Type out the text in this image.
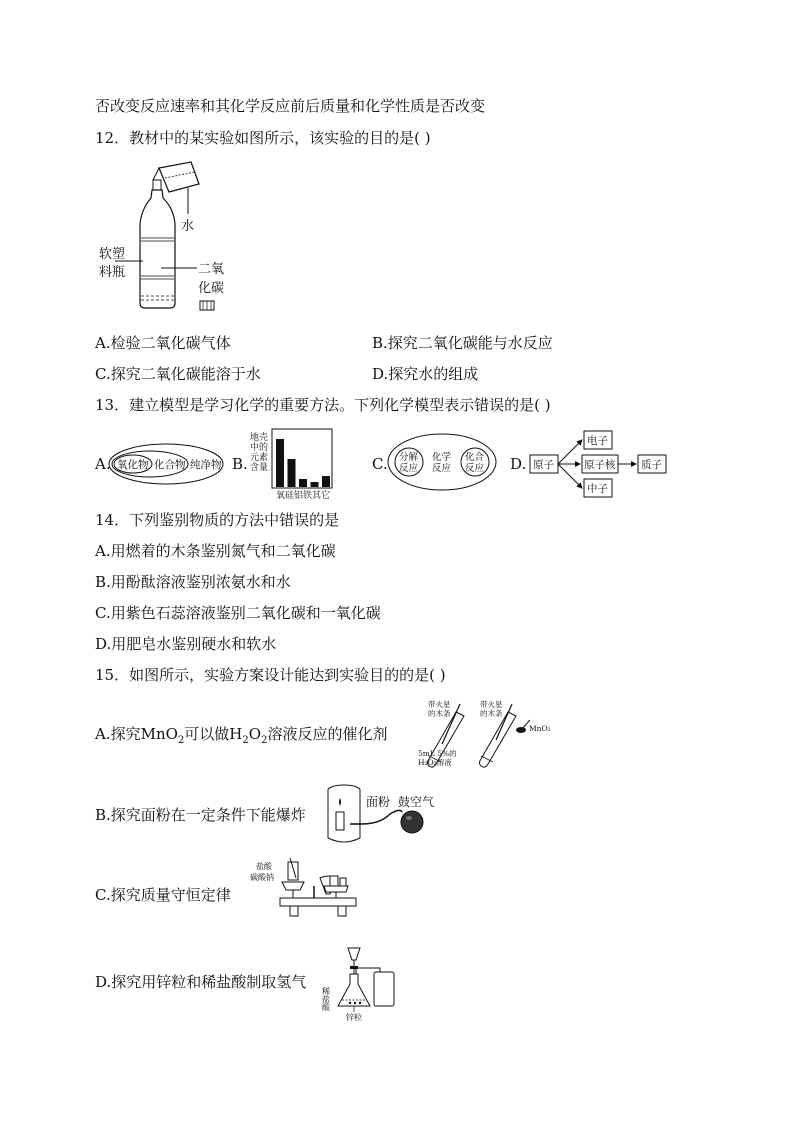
否改变反应速率和其化学反应前后质量和化学性质是否改变
12．教材中的某实验如图所示，该实验的目的是( )
水
软塑
料瓶	二氧
化碳
A.检验二氧化碳气体	B.探究二氧化碳能与水反应
C.探究二氧化碳能溶于水	D.探究水的组成
13．建立模型是学习化学的重要方法。下列化学模型表示错误的是( )
A. 氧化物 化合物 纯净物 B.
地壳
中的
元素
含量
氧硅铝铁其它
C. 分解
反应
化学
反应
化合
反应 D. 原子
电子
原子核 质子
中子
14．下列鉴别物质的方法中错误的是
A.用燃着的木条鉴别氮气和二氧化碳
B.用酚酞溶液鉴别浓氨水和水
C.用紫色石蕊溶液鉴别二氧化碳和一氧化碳
D.用肥皂水鉴别硬水和软水
15．如图所示，实验方案设计能达到实验目的的是( )
A.探究MnO$_2$可以做$H_2O_2$溶液反应的催化剂
带火星
的木条
带火星
的木条
5mL 5%的
H₂O₂溶液
MnO₂
B.探究面粉在一定条件下能爆炸
面粉 鼓空气
C.探究质量守恒定律
盐酸
碳酸钠
D.探究用锌粒和稀盐酸制取氢气
稀
盐
酸
锌粒
